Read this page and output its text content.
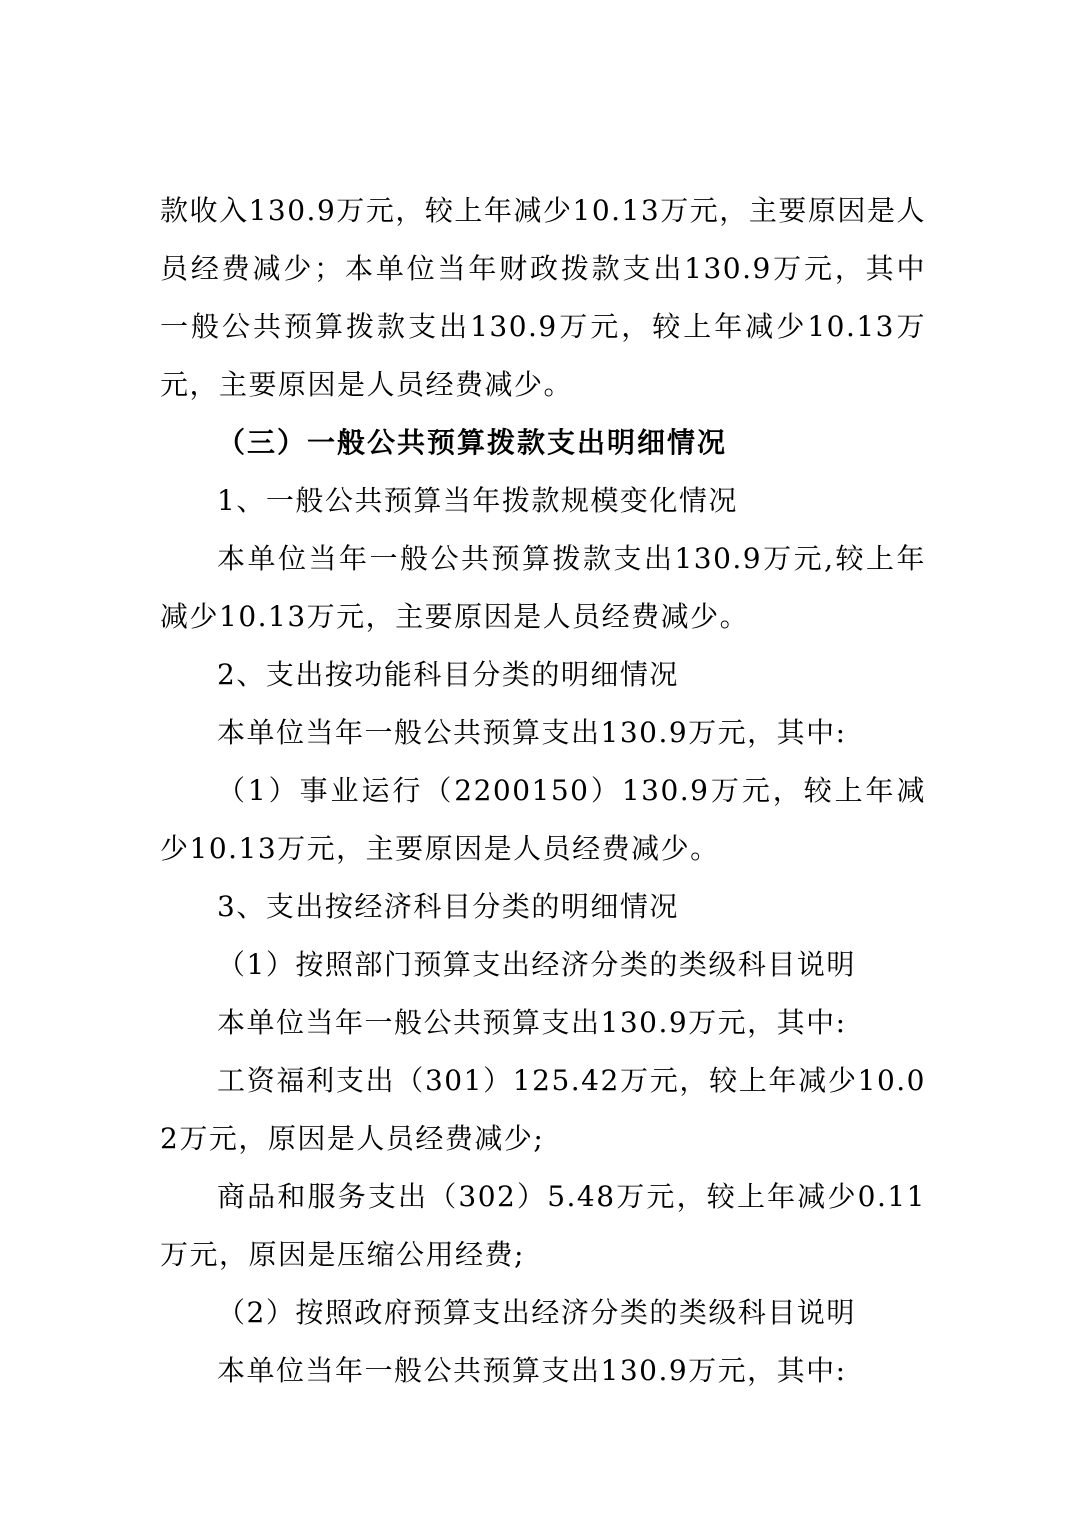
款收入130.9万元，较上年减少10.13万元，主要原因是人员经费减少；本单位当年财政拨款支出130.9万元，其中一般公共预算拨款支出130.9万元，较上年减少10.13万元，主要原因是人员经费减少。

（三）一般公共预算拨款支出明细情况

1、一般公共预算当年拨款规模变化情况

本单位当年一般公共预算拨款支出130.9万元,较上年减少10.13万元，主要原因是人员经费减少。

2、支出按功能科目分类的明细情况

本单位当年一般公共预算支出130.9万元，其中:

（1）事业运行（2200150）130.9万元，较上年减少10.13万元，主要原因是人员经费减少。

3、支出按经济科目分类的明细情况

（1）按照部门预算支出经济分类的类级科目说明

本单位当年一般公共预算支出130.9万元，其中:

工资福利支出（301）125.42万元，较上年减少10.02万元，原因是人员经费减少;

商品和服务支出（302）5.48万元，较上年减少0.11万元，原因是压缩公用经费;

（2）按照政府预算支出经济分类的类级科目说明

本单位当年一般公共预算支出130.9万元，其中:
